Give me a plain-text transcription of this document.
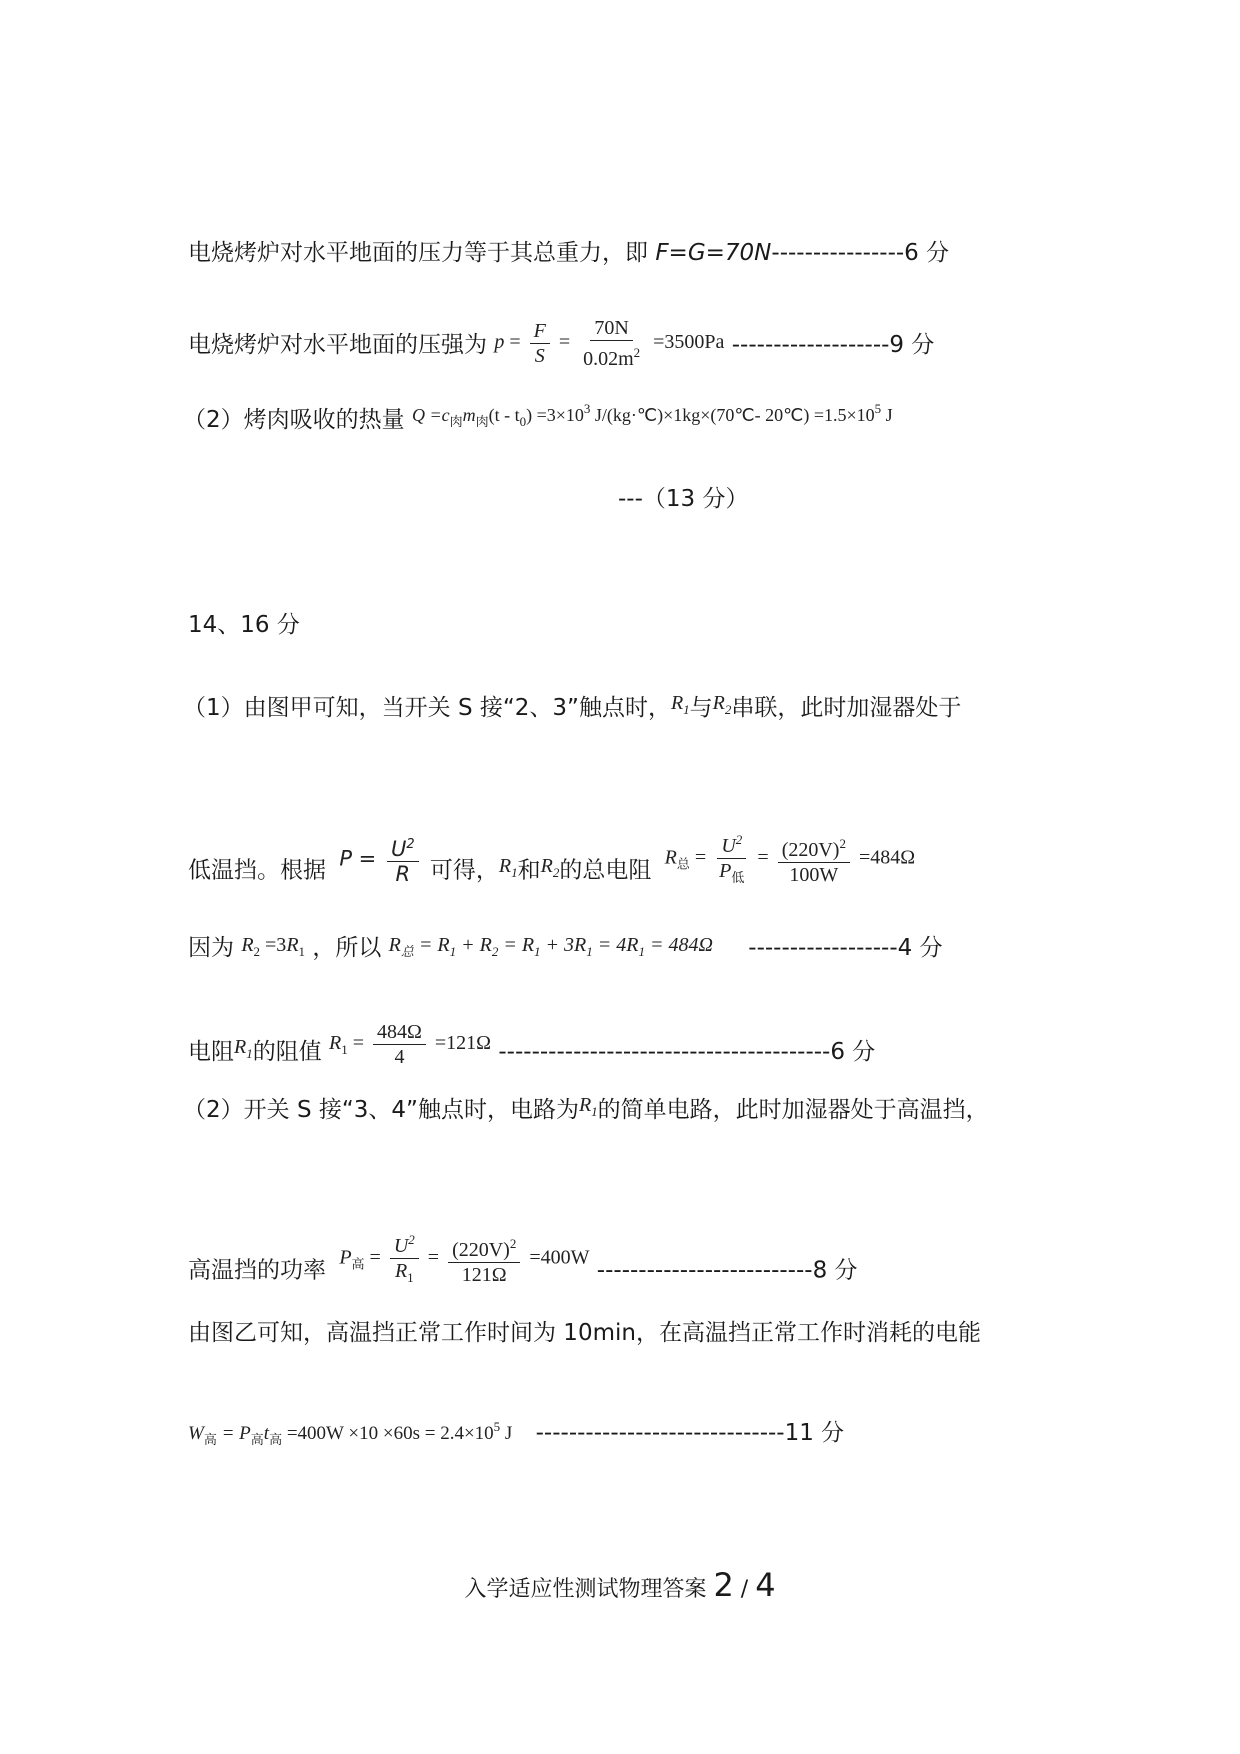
电烧烤炉对水平地面的压力等于其总重力，即 F=G=70N----------------6 分
电烧烤炉对水平地面的压强为 $p = \frac{F}{S} = \frac{70N}{0.02m^2} =3500Pa$ -------------------9 分
（2）烤肉吸收的热量 $Q =c_肉m_肉(t - t_0) =3\times 10^3$ J/(kg·℃)×1kg×(70℃- 20℃) $=1.5\times 10^5$ J
---（13 分）
14、16 分
（1）由图甲可知，当开关 S 接“2、3”触点时，$R_1$与$R_2$串联，此时加湿器处于
低温挡。根据 $P = \frac{U^2}{R}$ 可得，$R_1$和$R_2$的总电阻 $R_总 = \frac{U^2}{P_低} = \frac{(220V)^2}{100W} =484\Omega$
因为 $R_2 =3R_1$ ，所以 $R_总 = R_1 + R_2 = R_1 + 3R_1 = 4R_1 = 484\Omega$ ------------------4 分
电阻$R_1$的阻值 $R_1 = \frac{484\Omega}{4} =121\Omega$ ----------------------------------------6 分
（2）开关 S 接“3、4”触点时，电路为$R_1$的简单电路，此时加湿器处于高温挡，
高温挡的功率 $P_高 = \frac{U^2}{R_1} = \frac{(220V)^2}{121\Omega} =400W$ --------------------------8 分
由图乙可知，高温挡正常工作时间为 10min，在高温挡正常工作时消耗的电能
$W_高 = P_高t_高 =400W \times 10 \times 60s = 2.4\times 10^5$ J ------------------------------11 分
入学适应性测试物理答案 2 / 4
